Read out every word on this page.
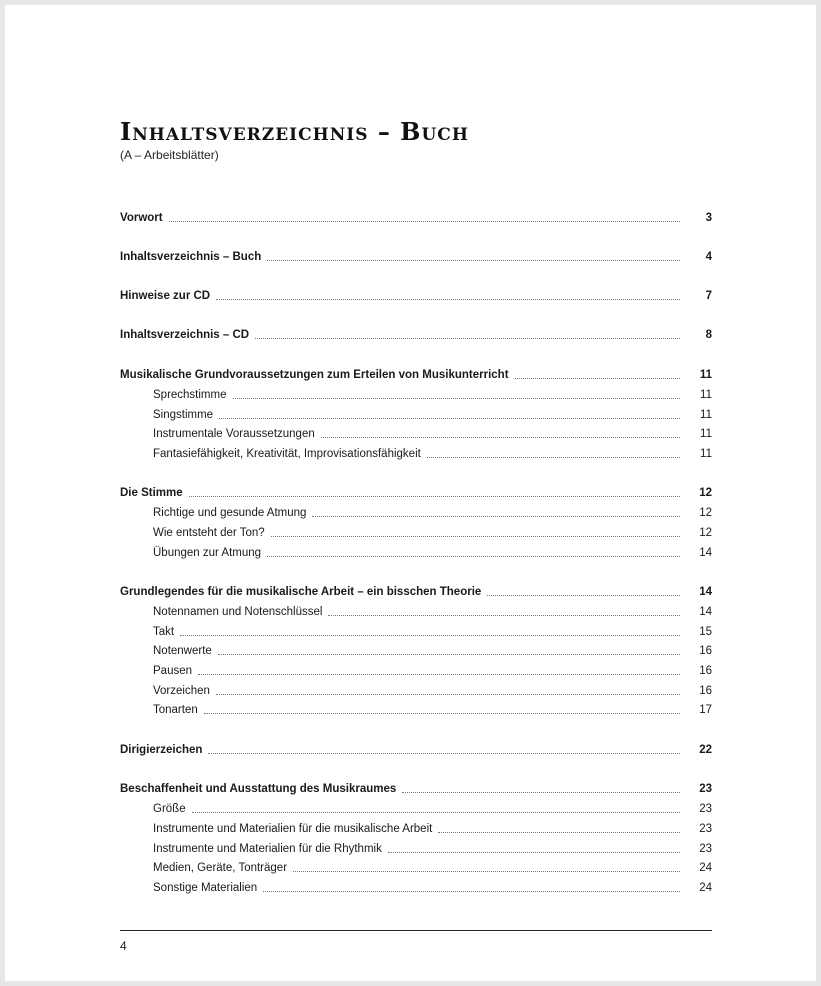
Inhaltsverzeichnis – Buch
(A – Arbeitsblätter)
Vorwort	3
Inhaltsverzeichnis – Buch	4
Hinweise zur CD	7
Inhaltsverzeichnis – CD	8
Musikalische Grundvoraussetzungen zum Erteilen von Musikunterricht	11
Sprechstimme	11
Singstimme	11
Instrumentale Voraussetzungen	11
Fantasiefähigkeit, Kreativität, Improvisationsfähigkeit	11
Die Stimme	12
Richtige und gesunde Atmung	12
Wie entsteht der Ton?	12
Übungen zur Atmung	14
Grundlegendes für die musikalische Arbeit – ein bisschen Theorie	14
Notennamen und Notenschlüssel	14
Takt	15
Notenwerte	16
Pausen	16
Vorzeichen	16
Tonarten	17
Dirigierzeichen	22
Beschaffenheit und Ausstattung des Musikraumes	23
Größe	23
Instrumente und Materialien für die musikalische Arbeit	23
Instrumente und Materialien für die Rhythmik	23
Medien, Geräte, Tonträger	24
Sonstige Materialien	24
4
